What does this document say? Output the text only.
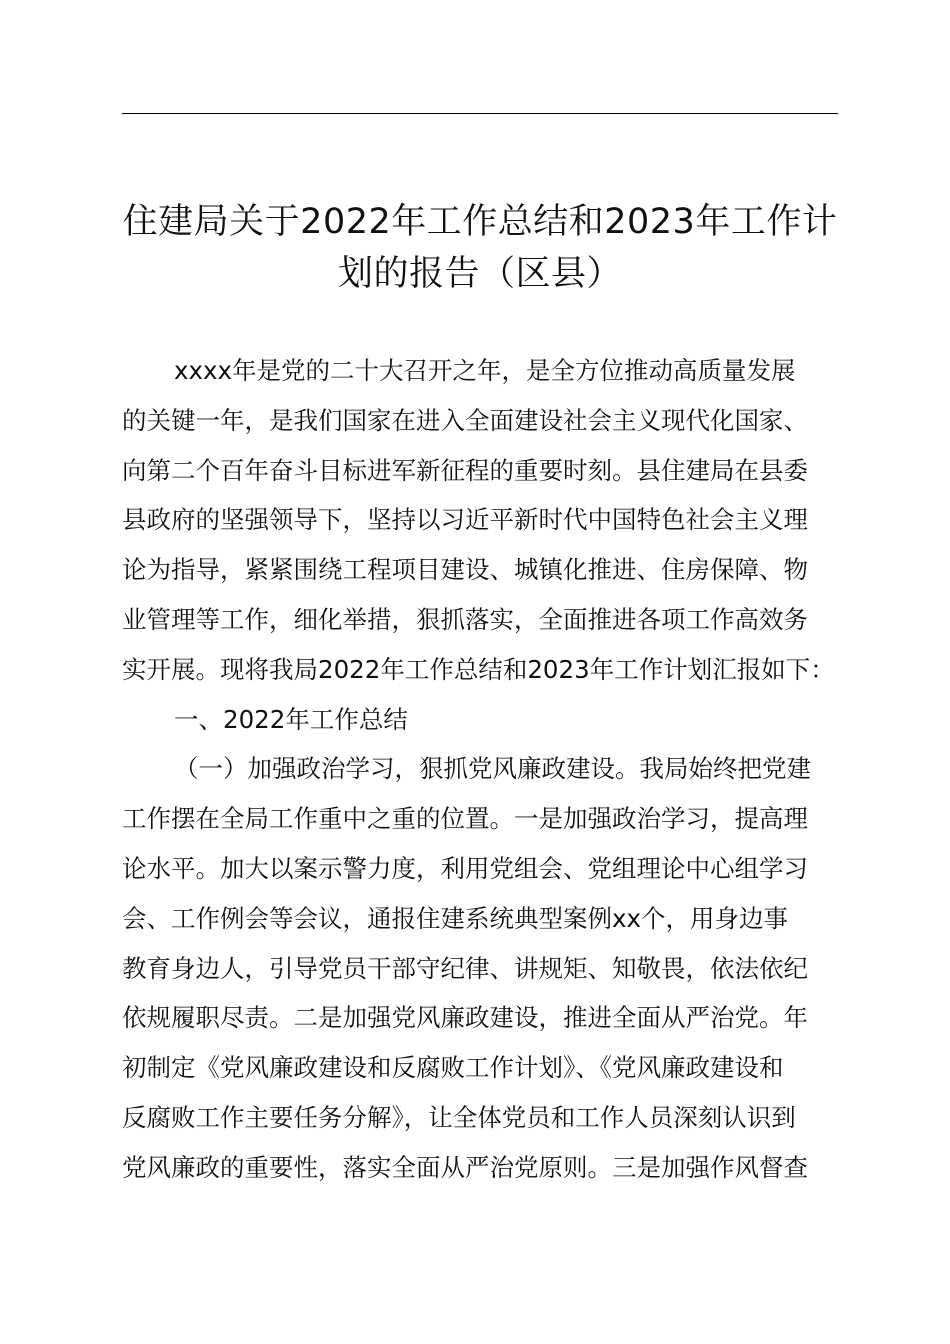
住建局关于2022年工作总结和2023年工作计
划的报告（区县）
xxxx年是党的二十大召开之年，是全方位推动高质量发展
的关键一年，是我们国家在进入全面建设社会主义现代化国家、
向第二个百年奋斗目标进军新征程的重要时刻。县住建局在县委
县政府的坚强领导下，坚持以习近平新时代中国特色社会主义理
论为指导，紧紧围绕工程项目建设、城镇化推进、住房保障、物
业管理等工作，细化举措，狠抓落实，全面推进各项工作高效务
实开展。现将我局2022年工作总结和2023年工作计划汇报如下：
一、2022年工作总结
（一）加强政治学习，狠抓党风廉政建设。我局始终把党建
工作摆在全局工作重中之重的位置。一是加强政治学习，提高理
论水平。加大以案示警力度，利用党组会、党组理论中心组学习
会、工作例会等会议，通报住建系统典型案例xx个，用身边事
教育身边人，引导党员干部守纪律、讲规矩、知敬畏，依法依纪
依规履职尽责。二是加强党风廉政建设，推进全面从严治党。年
初制定《党风廉政建设和反腐败工作计划》、《党风廉政建设和
反腐败工作主要任务分解》，让全体党员和工作人员深刻认识到
党风廉政的重要性，落实全面从严治党原则。三是加强作风督查
